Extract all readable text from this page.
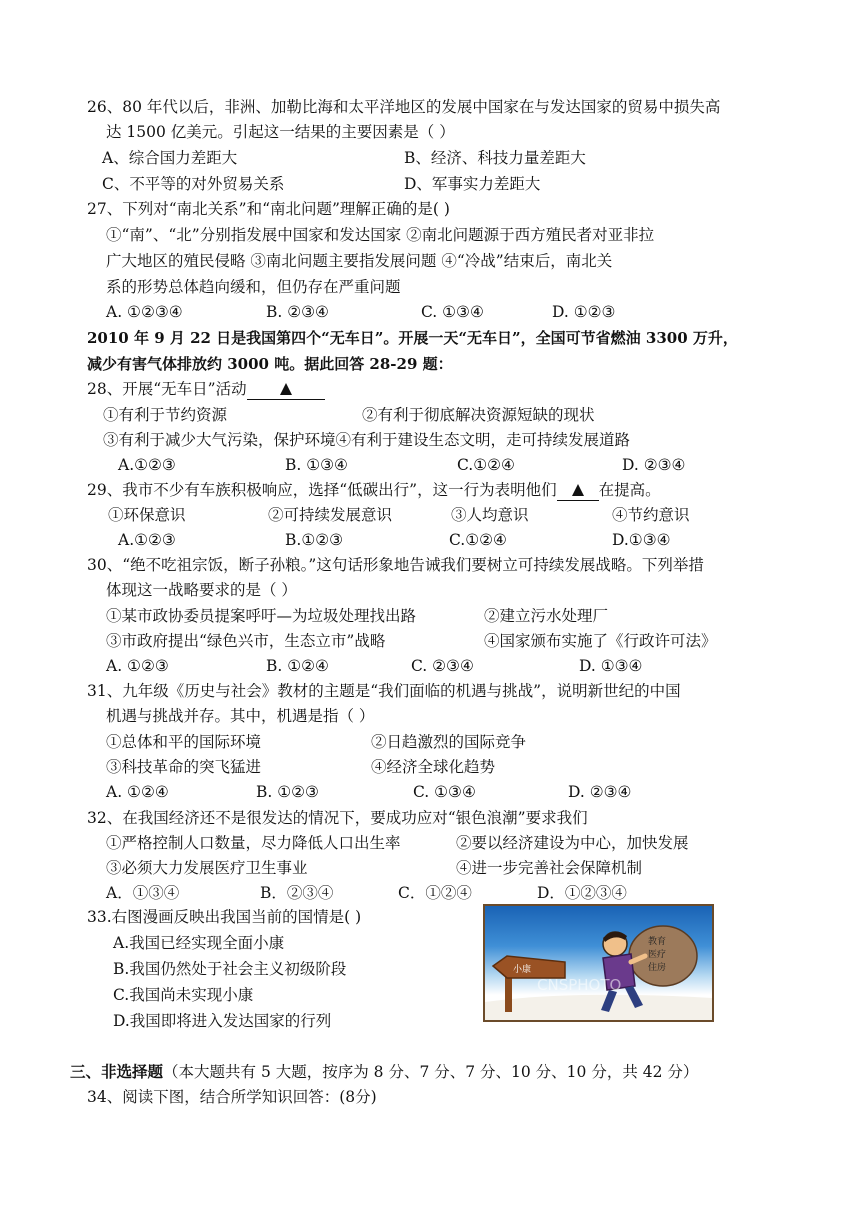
26、80 年代以后，非洲、加勒比海和太平洋地区的发展中国家在与发达国家的贸易中损失高
达 1500 亿美元。引起这一结果的主要因素是（ ）
A、综合国力差距大	B、经济、科技力量差距大
C、不平等的对外贸易关系	D、军事实力差距大
27、下列对“南北关系”和“南北问题”理解正确的是( )
①“南”、“北”分别指发展中国家和发达国家 ②南北问题源于西方殖民者对亚非拉
广大地区的殖民侵略 ③南北问题主要指发展问题 ④“冷战”结束后，南北关
系的形势总体趋向缓和，但仍存在严重问题
A. ①②③④	B. ②③④	C. ①③④	D. ①②③
2010 年 9 月 22 日是我国第四个“无车日”。开展一天“无车日”，全国可节省燃油 3300 万升，
减少有害气体排放约 3000 吨。据此回答 28-29 题：
28、开展“无车日”活动
①有利于节约资源	②有利于彻底解决资源短缺的现状
③有利于减少大气污染，保护环境④有利于建设生态文明，走可持续发展道路
A.①②③	B. ①③④	C.①②④	D. ②③④
29、我市不少有车族积极响应，选择“低碳出行”，这一行为表明他们	在提高。
①环保意识	②可持续发展意识	③人均意识	④节约意识
A.①②③	B.①②③	C.①②④	D.①③④
30、“绝不吃祖宗饭，断子孙粮。”这句话形象地告诫我们要树立可持续发展战略。下列举措
体现这一战略要求的是（ ）
①某市政协委员提案呼吁—为垃圾处理找出路	②建立污水处理厂
③市政府提出“绿色兴市，生态立市”战略	④国家颁布实施了《行政许可法》
A. ①②③	B. ①②④	C. ②③④	D. ①③④
31、九年级《历史与社会》教材的主题是“我们面临的机遇与挑战”，说明新世纪的中国
机遇与挑战并存。其中，机遇是指（ ）
①总体和平的国际环境	②日趋激烈的国际竞争
③科技革命的突飞猛进	④经济全球化趋势
A. ①②④	B. ①②③	C. ①③④	D. ②③④
32、在我国经济还不是很发达的情况下，要成功应对“银色浪潮”要求我们
①严格控制人口数量，尽力降低人口出生率	②要以经济建设为中心，加快发展
③必须大力发展医疗卫生事业	④进一步完善社会保障机制
A．①③④	B．②③④	C．①②④	D．①②③④
33.右图漫画反映出我国当前的国情是( )
A.我国已经实现全面小康
B.我国仍然处于社会主义初级阶段
C.我国尚未实现小康
D.我国即将进入发达国家的行列
小康
教育
医疗
住房
CNSPHOTO
三、非选择题（本大题共有 5 大题，按序为 8 分、7 分、7 分、10 分、10 分，共 42 分）
34、阅读下图，结合所学知识回答：(8分)
